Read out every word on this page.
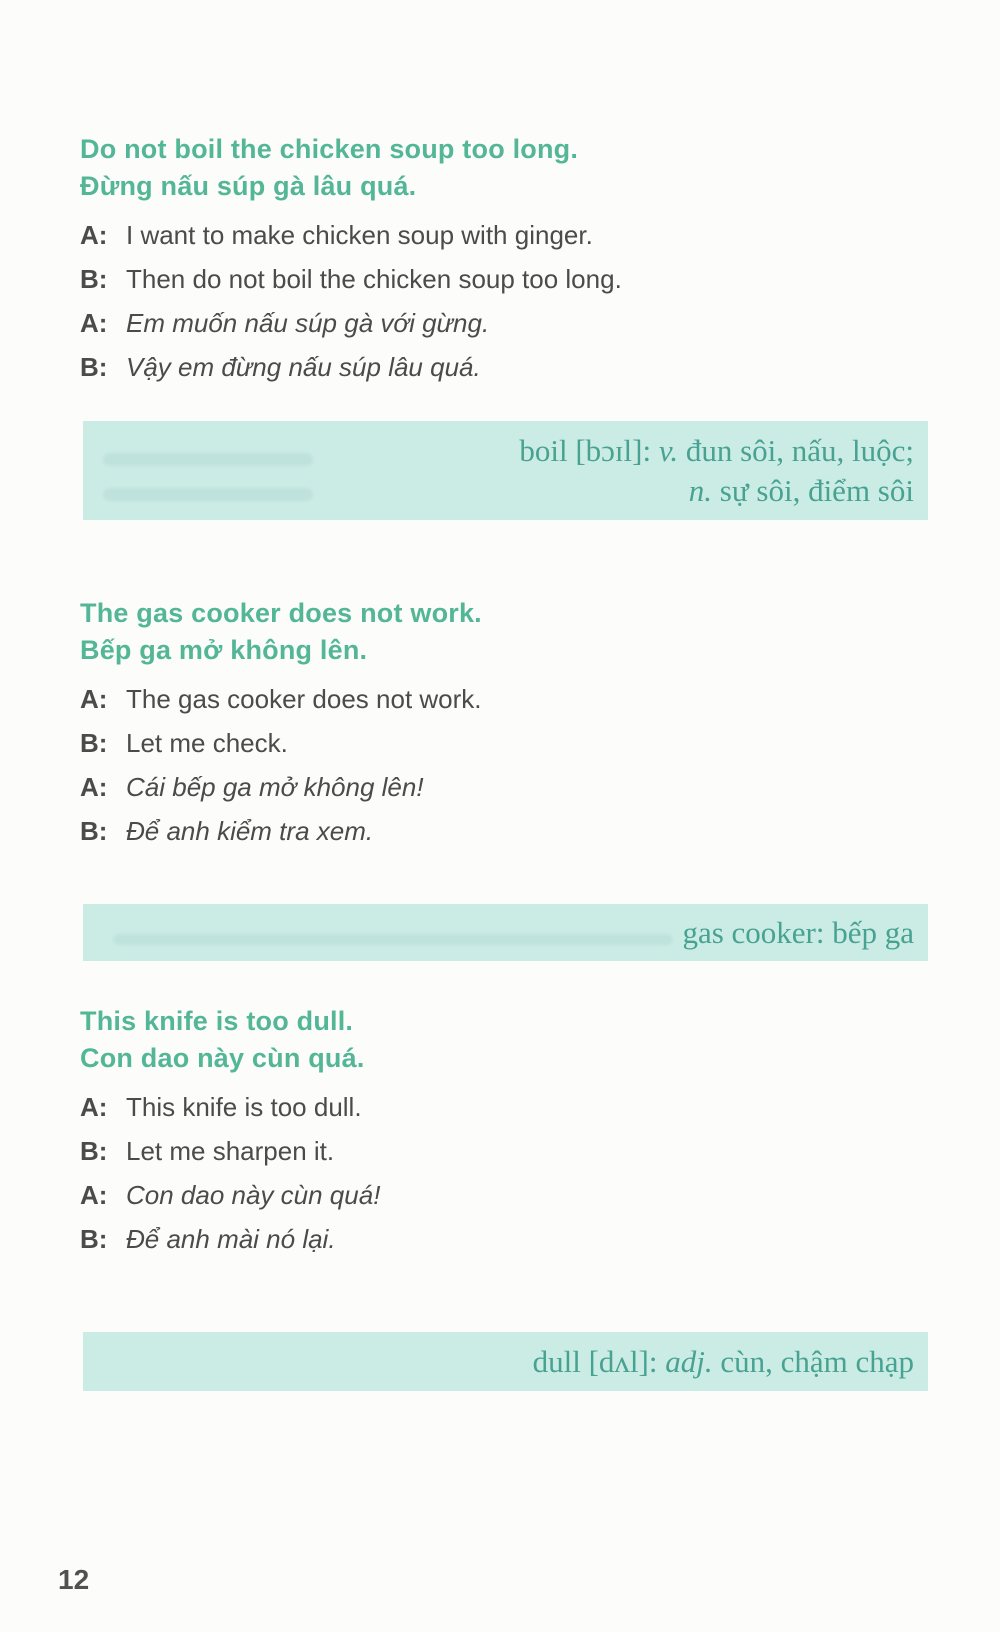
Do not boil the chicken soup too long.
Đừng nấu súp gà lâu quá.
A: I want to make chicken soup with ginger.
B: Then do not boil the chicken soup too long.
A: Em muốn nấu súp gà với gừng.
B: Vậy em đừng nấu súp lâu quá.
boil [bɔɪl]: v. đun sôi, nấu, luộc;
n. sự sôi, điểm sôi
The gas cooker does not work.
Bếp ga mở không lên.
A: The gas cooker does not work.
B: Let me check.
A: Cái bếp ga mở không lên!
B: Để anh kiểm tra xem.
gas cooker: bếp ga
This knife is too dull.
Con dao này cùn quá.
A: This knife is too dull.
B: Let me sharpen it.
A: Con dao này cùn quá!
B: Để anh mài nó lại.
dull [dʌl]: adj. cùn, chậm chạp
12
